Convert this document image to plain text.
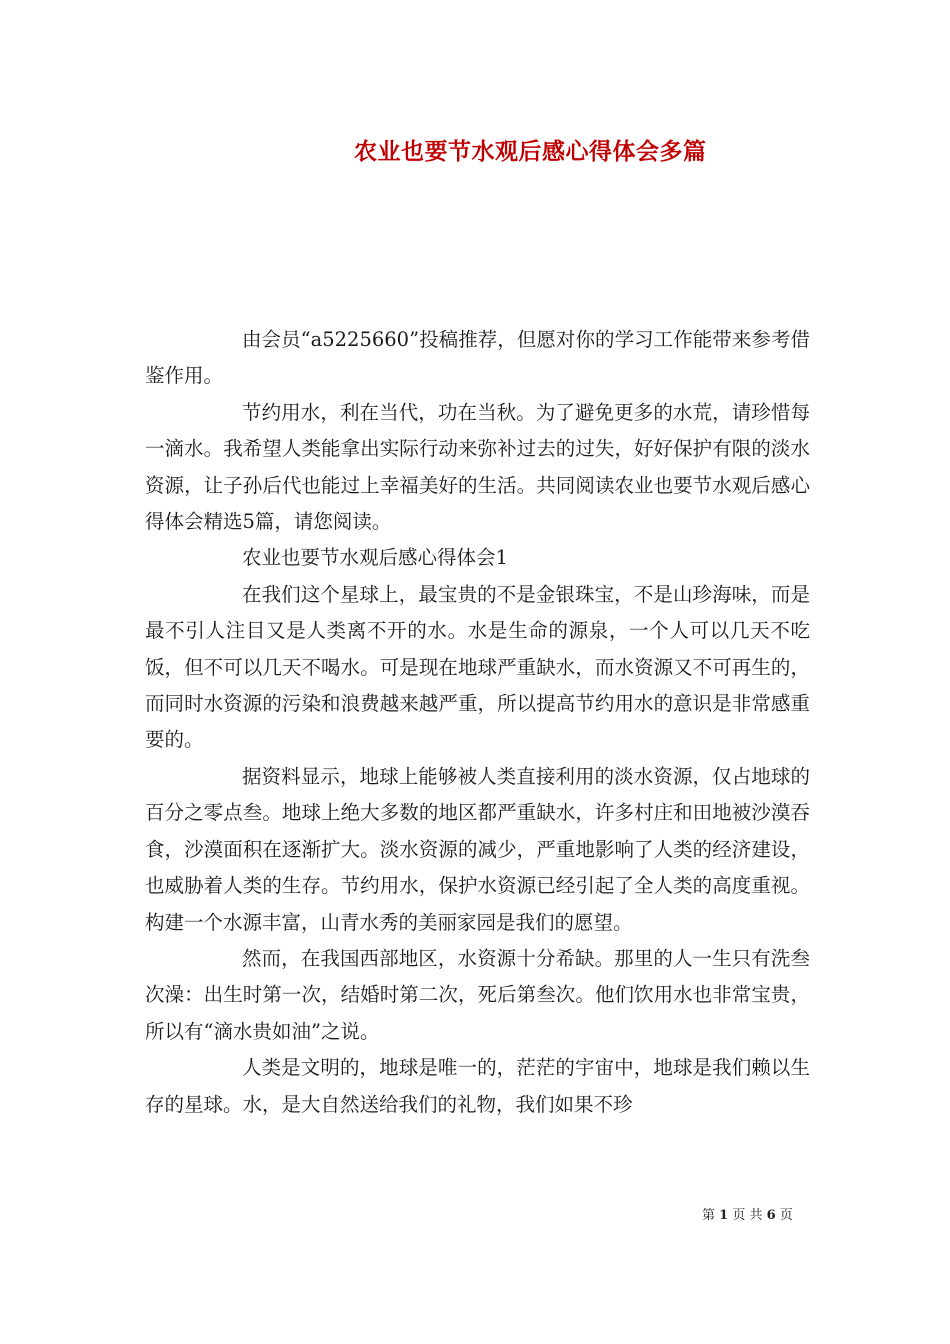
农业也要节水观后感心得体会多篇

由会员“a5225660”投稿推荐，但愿对你的学习工作能带来参考借鉴作用。

节约用水，利在当代，功在当秋。为了避免更多的水荒，请珍惜每一滴水。我希望人类能拿出实际行动来弥补过去的过失，好好保护有限的淡水资源，让子孙后代也能过上幸福美好的生活。共同阅读农业也要节水观后感心得体会精选5篇，请您阅读。

农业也要节水观后感心得体会1

在我们这个星球上，最宝贵的不是金银珠宝，不是山珍海味，而是最不引人注目又是人类离不开的水。水是生命的源泉，一个人可以几天不吃饭，但不可以几天不喝水。可是现在地球严重缺水，而水资源又不可再生的，而同时水资源的污染和浪费越来越严重，所以提高节约用水的意识是非常感重要的。

据资料显示，地球上能够被人类直接利用的淡水资源，仅占地球的百分之零点叁。地球上绝大多数的地区都严重缺水，许多村庄和田地被沙漠吞食，沙漠面积在逐渐扩大。淡水资源的减少，严重地影响了人类的经济建设，也威胁着人类的生存。节约用水，保护水资源已经引起了全人类的高度重视。构建一个水源丰富，山青水秀的美丽家园是我们的愿望。

然而，在我国西部地区，水资源十分希缺。那里的人一生只有洗叁次澡：出生时第一次，结婚时第二次，死后第叁次。他们饮用水也非常宝贵，所以有“滴水贵如油”之说。

人类是文明的，地球是唯一的，茫茫的宇宙中，地球是我们赖以生存的星球。水，是大自然送给我们的礼物，我们如果不珍

第 1 页 共 6 页
